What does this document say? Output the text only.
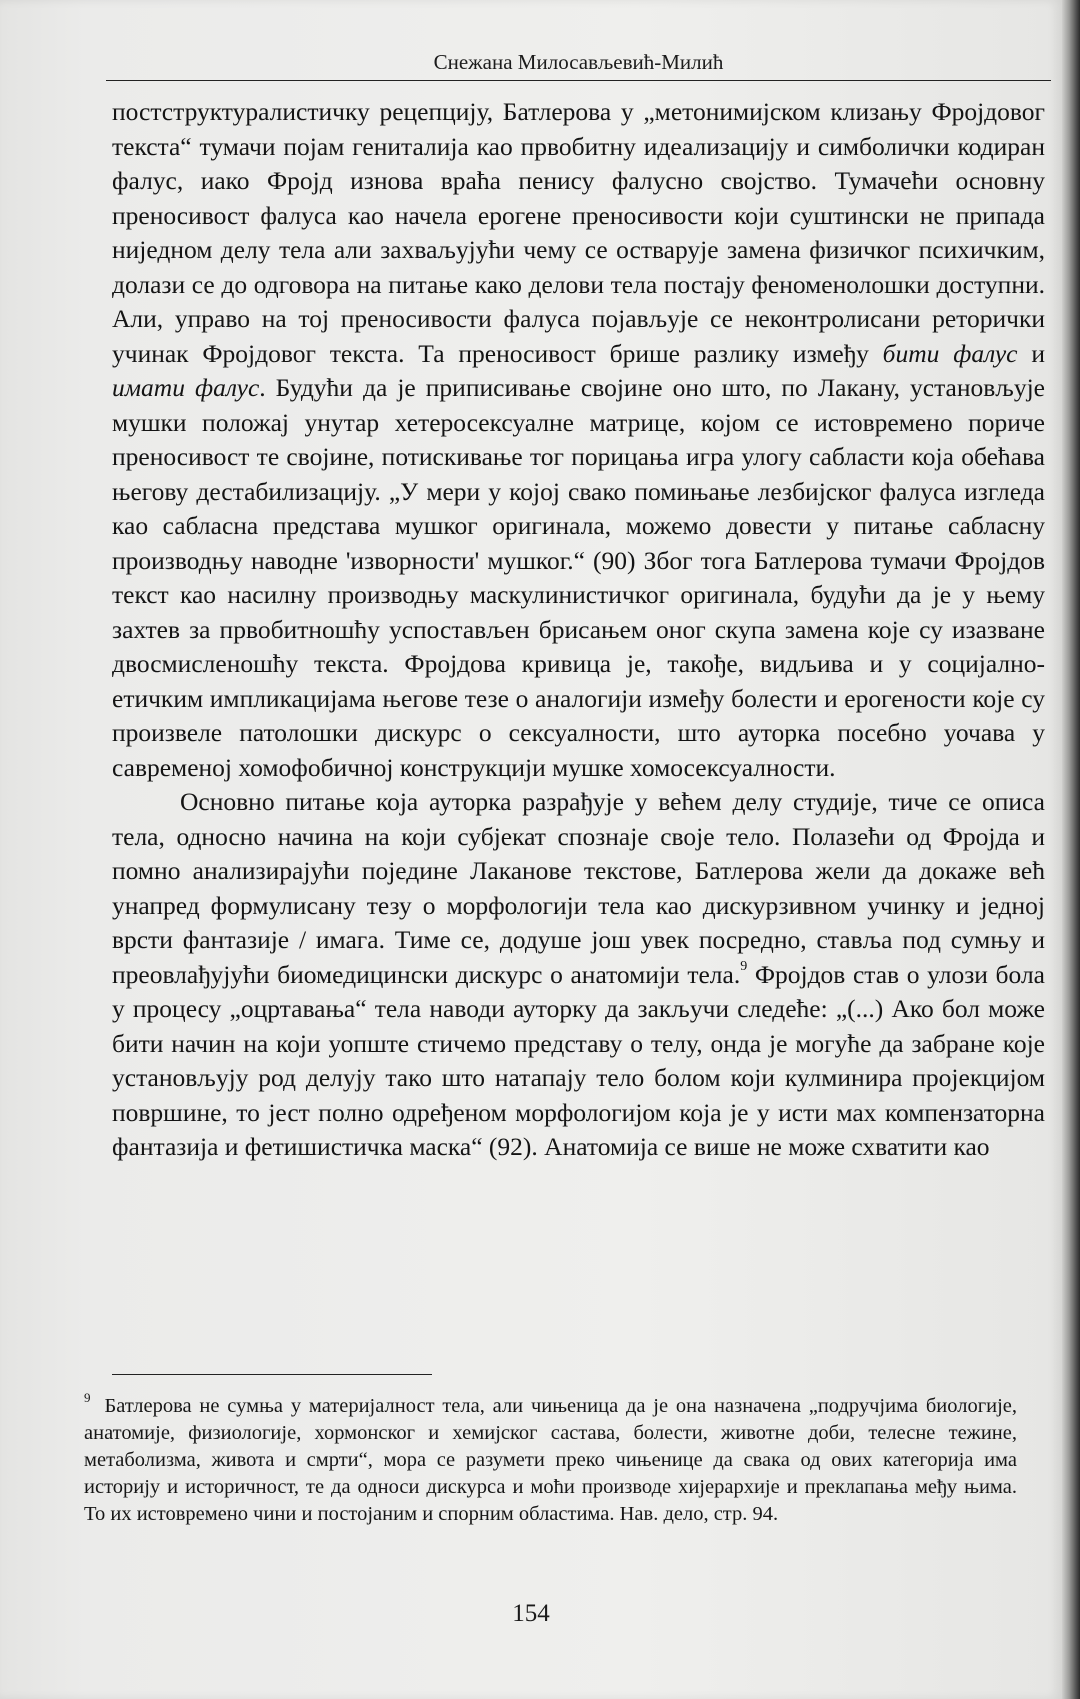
Снежана Милосављевић-Милић

постструктуралистичку рецепцију, Батлерова у „метонимијском клизању Фројдовог текста“ тумачи појам гениталија као првобитну идеализацију и симболички кодиран фалус, иако Фројд изнова враћа пенису фалусно својство. Тумачећи основну преносивост фалуса као начела ерогене преносивости који суштински не припада ниједном делу тела али захваљујући чему се остварује замена физичког психичким, долази се до одговора на питање како делови тела постају феноменолошки доступни. Али, управо на тој преносивости фалуса појављује се неконтролисани реторички учинак Фројдовог текста. Та преносивост брише разлику између бити фалус и имати фалус. Будући да је приписивање својине оно што, по Лакану, установљује мушки положај унутар хетеросексуалне матрице, којом се истовремено пориче преносивост те својине, потискивање тог порицања игра улогу сабласти која обећава његову дестабилизацију. „У мери у којој свако помињање лезбијског фалуса изгледа као сабласна представа мушког оригинала, можемо довести у питање сабласну производњу наводне 'изворности' мушког.“ (90) Због тога Батлерова тумачи Фројдов текст као насилну производњу маскулинистичког оригинала, будући да је у њему захтев за првобитношћу успостављен брисањем оног скупа замена које су изазване двосмисленошћу текста. Фројдова кривица је, такође, видљива и у социјално-етичким импликацијама његове тезе о аналогији између болести и ерогености које су произвеле патолошки дискурс о сексуалности, што ауторка посебно уочава у савременој хомофобичној конструкцији мушке хомосексуалности.

Основно питање која ауторка разрађује у већем делу студије, тиче се описа тела, односно начина на који субјекат спознаје своје тело. Полазећи од Фројда и помно анализирајући поједине Лаканове текстове, Батлерова жели да докаже већ унапред формулисану тезу о морфологији тела као дискурзивном учинку и једној врсти фантазије / имага. Тиме се, додуше још увек посредно, ставља под сумњу и преовлађујући биомедицински дискурс о анатомији тела.$^9$ Фројдов став о улози бола у процесу „оцртавања“ тела наводи ауторку да закључи следеће: „(...) Ако бол може бити начин на који уопште стичемо представу о телу, онда је могуће да забране које установљују род делују тако што натапају тело болом који кулминира пројекцијом површине, то јест полно одређеном морфологијом која је у исти мах компензаторна фантазија и фетишистичка маска“ (92). Анатомија се више не може схватити као

$^9$ Батлерова не сумња у материјалност тела, али чињеница да је она назначена „подручјима биологије, анатомије, физиологије, хормонског и хемијског састава, болести, животне доби, телесне тежине, метаболизма, живота и смрти“, мора се разумети преко чињенице да свака од ових категорија има историју и историчност, те да односи дискурса и моћи производе хијерархије и преклапања међу њима. То их истовремено чини и постојаним и спорним областима. Нав. дело, стр. 94.
154
